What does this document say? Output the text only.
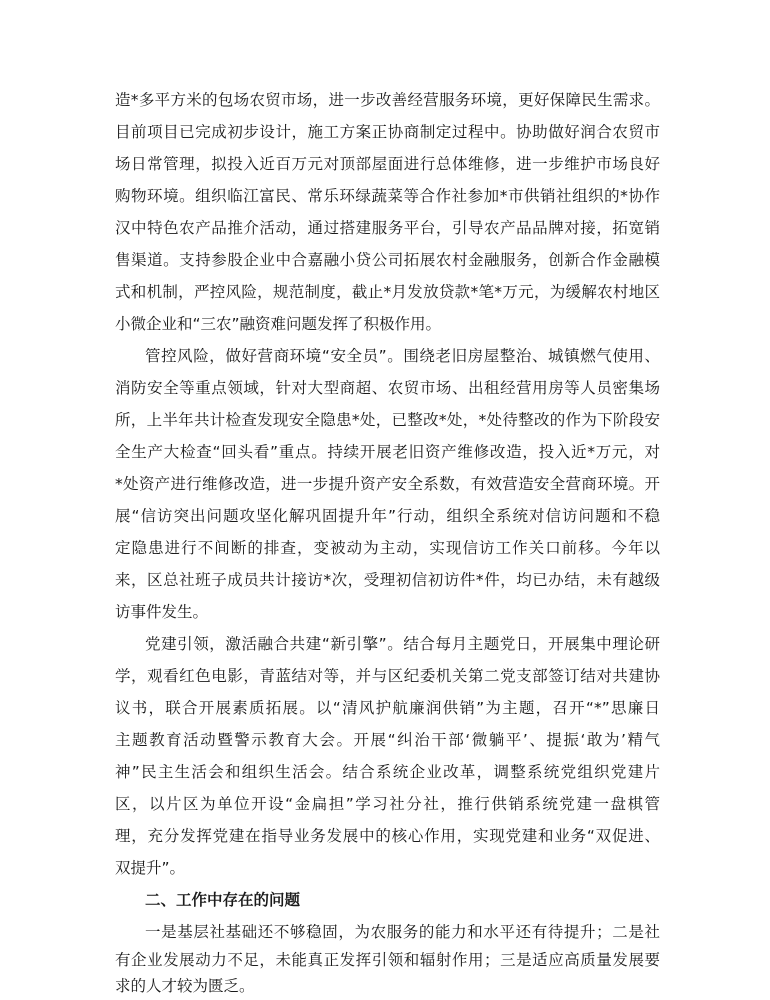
造*多平方米的包场农贸市场，进一步改善经营服务环境，更好保障民生需求。
目前项目已完成初步设计，施工方案正协商制定过程中。协助做好润合农贸市
场日常管理，拟投入近百万元对顶部屋面进行总体维修，进一步维护市场良好
购物环境。组织临江富民、常乐环绿蔬菜等合作社参加*市供销社组织的*协作
汉中特色农产品推介活动，通过搭建服务平台，引导农产品品牌对接，拓宽销
售渠道。支持参股企业中合嘉融小贷公司拓展农村金融服务，创新合作金融模
式和机制，严控风险，规范制度，截止*月发放贷款*笔*万元，为缓解农村地区
小微企业和“三农”融资难问题发挥了积极作用。
管控风险，做好营商环境“安全员”。围绕老旧房屋整治、城镇燃气使用、
消防安全等重点领域，针对大型商超、农贸市场、出租经营用房等人员密集场
所，上半年共计检查发现安全隐患*处，已整改*处，*处待整改的作为下阶段安
全生产大检查“回头看”重点。持续开展老旧资产维修改造，投入近*万元，对
*处资产进行维修改造，进一步提升资产安全系数，有效营造安全营商环境。开
展“信访突出问题攻坚化解巩固提升年”行动，组织全系统对信访问题和不稳
定隐患进行不间断的排查，变被动为主动，实现信访工作关口前移。今年以
来，区总社班子成员共计接访*次，受理初信初访件*件，均已办结，未有越级
访事件发生。
党建引领，激活融合共建“新引擎”。结合每月主题党日，开展集中理论研
学，观看红色电影，青蓝结对等，并与区纪委机关第二党支部签订结对共建协
议书，联合开展素质拓展。以“清风护航廉润供销”为主题，召开“*”思廉日
主题教育活动暨警示教育大会。开展“纠治干部‘微躺平’、提振‘敢为’精气
神”民主生活会和组织生活会。结合系统企业改革，调整系统党组织党建片
区，以片区为单位开设“金扁担”学习社分社，推行供销系统党建一盘棋管
理，充分发挥党建在指导业务发展中的核心作用，实现党建和业务“双促进、
双提升”。
二、工作中存在的问题
一是基层社基础还不够稳固，为农服务的能力和水平还有待提升；二是社
有企业发展动力不足，未能真正发挥引领和辐射作用；三是适应高质量发展要
求的人才较为匮乏。
